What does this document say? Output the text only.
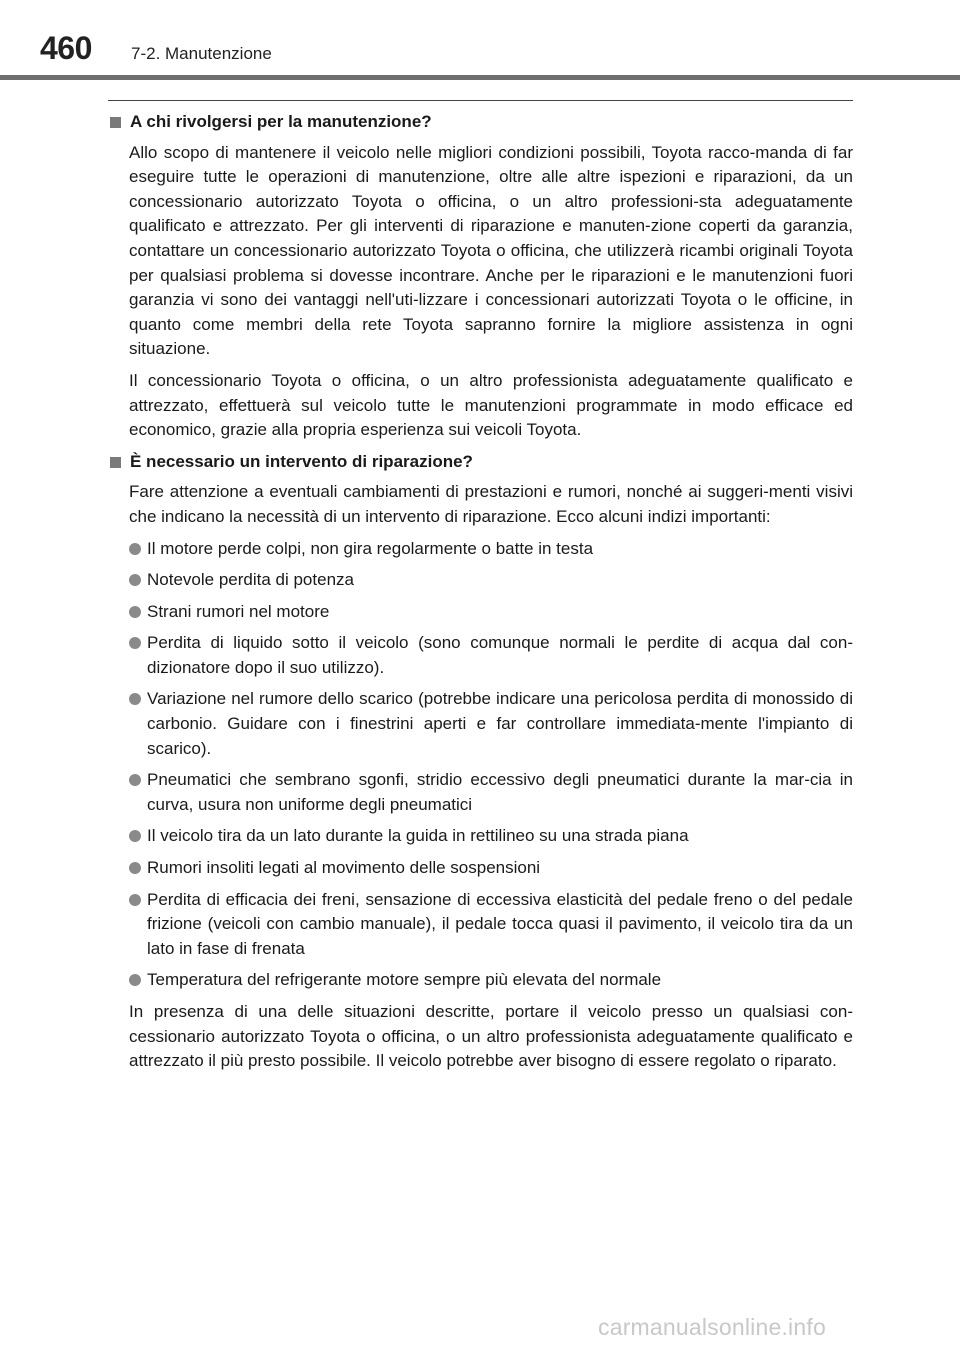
460 7-2. Manutenzione
A chi rivolgersi per la manutenzione?

Allo scopo di mantenere il veicolo nelle migliori condizioni possibili, Toyota racco-manda di far eseguire tutte le operazioni di manutenzione, oltre alle altre ispezioni e riparazioni, da un concessionario autorizzato Toyota o officina, o un altro professioni-sta adeguatamente qualificato e attrezzato. Per gli interventi di riparazione e manuten-zione coperti da garanzia, contattare un concessionario autorizzato Toyota o officina, che utilizzerà ricambi originali Toyota per qualsiasi problema si dovesse incontrare. Anche per le riparazioni e le manutenzioni fuori garanzia vi sono dei vantaggi nell'uti-lizzare i concessionari autorizzati Toyota o le officine, in quanto come membri della rete Toyota sapranno fornire la migliore assistenza in ogni situazione.

Il concessionario Toyota o officina, o un altro professionista adeguatamente qualificato e attrezzato, effettuerà sul veicolo tutte le manutenzioni programmate in modo efficace ed economico, grazie alla propria esperienza sui veicoli Toyota.

È necessario un intervento di riparazione?

Fare attenzione a eventuali cambiamenti di prestazioni e rumori, nonché ai suggeri-menti visivi che indicano la necessità di un intervento di riparazione. Ecco alcuni indizi importanti:

Il motore perde colpi, non gira regolarmente o batte in testa
Notevole perdita di potenza
Strani rumori nel motore
Perdita di liquido sotto il veicolo (sono comunque normali le perdite di acqua dal con-dizionatore dopo il suo utilizzo).
Variazione nel rumore dello scarico (potrebbe indicare una pericolosa perdita di monossido di carbonio. Guidare con i finestrini aperti e far controllare immediata-mente l'impianto di scarico).
Pneumatici che sembrano sgonfi, stridio eccessivo degli pneumatici durante la mar-cia in curva, usura non uniforme degli pneumatici
Il veicolo tira da un lato durante la guida in rettilineo su una strada piana
Rumori insoliti legati al movimento delle sospensioni
Perdita di efficacia dei freni, sensazione di eccessiva elasticità del pedale freno o del pedale frizione (veicoli con cambio manuale), il pedale tocca quasi il pavimento, il veicolo tira da un lato in fase di frenata
Temperatura del refrigerante motore sempre più elevata del normale

In presenza di una delle situazioni descritte, portare il veicolo presso un qualsiasi con-cessionario autorizzato Toyota o officina, o un altro professionista adeguatamente qualificato e attrezzato il più presto possibile. Il veicolo potrebbe aver bisogno di essere regolato o riparato.

carmanualsonline.info
